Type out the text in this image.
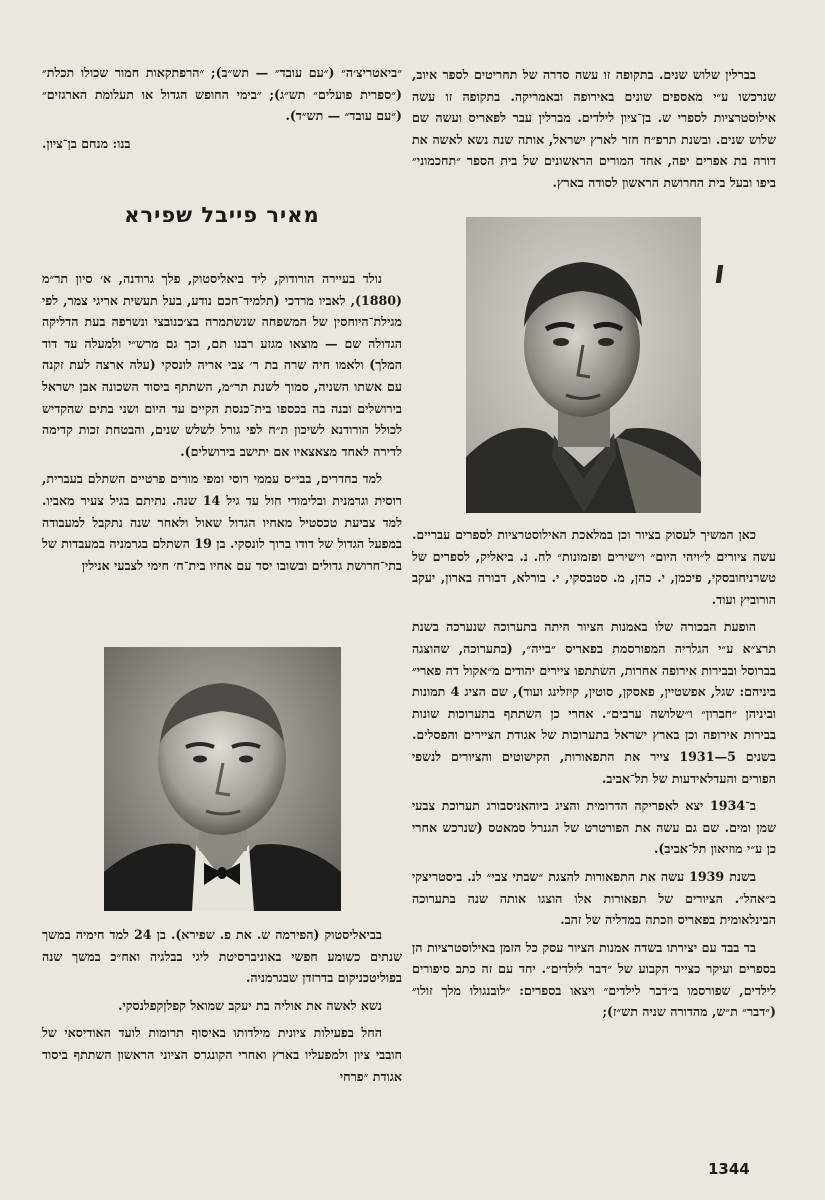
בברלין שלוש שנים. בתקופה זו עשה סדרה של תחריטים לספר איוב, שנרכשו ע״י מאספים שונים באירופה ובאמריקה. בתקופה זו עשה אילוסטרציות לספרי ש. בן־ציון לילדים. מברלין עבר לפאריס ועשה שם שלוש שנים. ובשנת תרפ״ח חזר לארץ ישראל, אותה שנה נשא לאשה את דורה בת אפרים יפה, אחד המורים הראשונים של בית הספר ״תחכמוני״ ביפו ובעל בית החרושת הראשון לסודה בארץ.

כאן המשיך לעסוק בציור וכן במלאכת האילוסטרציות לספרים עבריים. עשה ציורים ל״ויהי היום״ ו״שירים ופזמונות״ לח. נ. ביאליק, לספרים של טשרניחובסקי, פיכמן, י. כהן, מ. סטבסקי, י. בורלא, דבורה בארון, יעקב הורוביץ ועוד.

הופעת הבכורה שלו באמנות הציור היתה בתערוכה שנערכה בשנת תרצ״א ע״י הגלריה המפורסמת בפאריס ״בייה״, (בתערוכה, שהוצגה בברוסל ובבירות אירופה אחרות, השתתפו ציירים יהודים מ״אקול דה פארי״ ביניהם: שגל, אפשטיין, פאסקן, סוטין, קיזלינג ועוד), שם הציג 4 תמונות וביניהן ״חברון״ ו״שלושה ערבים״. אחרי כן השתתף בתערוכות שונות בבירות אירופה וכן בארץ ישראל בתערוכות של אגודת הציירים והפסלים. בשנים 5—1931 צייר את התפאורות, הקישוטים והציורים לנשפי הפורים והעדלאידעות של תל־אביב.

ב־1934 יצא לאפריקה הדרומית והציג ביוהאניסבורג תערוכת צבעי שמן ומים. שם גם עשה את הפורטרט של הגנרל סמאטס (שנרכש אחרי כן ע״י מוזיאון תל־אביב).

בשנת 1939 עשה את התפאורות להצגת ״שבתי צבי״ לנ. ביסטריצקי ב״אהל״. הציורים של תפאורות אלו הוצגו אותה שנה בתערוכה הבינלאומית בפאריס וזכתה במדליה של זהב.

בד בבד עם יצירתו בשדה אמנות הציור עסק כל הזמן באילוסטרציות הן בספרים ועיקר כצייר הקבוע של ״דבר לילדים״. יחד עם זה כתב סיפורים לילדים, שפורסמו ב״דבר לילדים״ ויצאו בספרים: ״לובנגולו מלך זולו״ (״דבר״ ת״ש, מהדורה שניה תש״ז);

״ביאטריצ׳ה״ (״עם עובד״ — תש״ב); ״הרפתקאות חמור שכולו תכלת״ (״ספרית פועלים״ תש״ג); ״בימי החופש הגדול או תעלומת הארגזים״ (״עם עובד״ — תש״ד).

בנו: מנחם בן־ציון.

מאיר פייבל שפירא

נולד בעיירה הורודוק, ליד ביאליסטוק, פלך גרודנה, א׳ סיון תר״מ (1880), לאביו מרדכי (תלמיד־חכם נודע, בעל תעשית אריגי צמר, לפי מגילת־היוחסין של המשפחה שנשתמרה בצ׳כנובצי ונשרפה בעת הדליקה הגדולה שם — מוצאו מגזע רבנו תם, וכך גם מרש״י ולמעלה עד דוד המלך) ולאמו חיה שרה בת ר׳ צבי אריה לונסקי (עלה ארצה לעת זקנה עם אשתו השניה, סמוך לשנת תר״מ, השתתף ביסוד השכונה אבן ישראל בירושלים ובנה בה בכספו בית־כנסת הקיים עד היום ושני בתים שהקדיש לכולל הורודנא לשיכון ת״ח לפי גורל לשלש שנים, והבטחת זכות קדימה לדירה לאחד מצאצאיו אם יתישב בירושלים).

למד בחדרים, בבי״ס עממי רוסי ומפי מורים פרטיים השתלם בעברית, רוסית וגרמנית ובלימודי חול עד גיל 14 שנה. נתיתם בגיל צעיר מאביו. למד צביעת טכסטיל מאחיו הגדול שאול ולאחר שנה נתקבל למעבודה במפעל הגדול של דודו ברוך לונסקי. בן 19 השתלם בגרמניה במעבדות של בתי־חרושת גדולים ובשובו יסד עם אחיו בית־ח׳ חימי לצבעי אנילין

בביאליסטוק (הפירמה ש. את פ. שפירא). בן 24 למד חימיה במשך שנתים כשומע חפשי באוניברסיטת ליגי בבלגיה ואח״כ במשך שנה בפוליטכניקום בדרזדן שבגרמניה.

נשא לאשה את אוליה בת יעקב שמואל קפלןקפלנסקי.

החל בפעילות ציונית מילדותו באיסוף תרומות לועד האודיסאי של חובבי ציון ולמפעליו בארץ ואחרי הקונגרס הציוני הראשון השתתף ביסוד אגודת ״פרחי

1344
